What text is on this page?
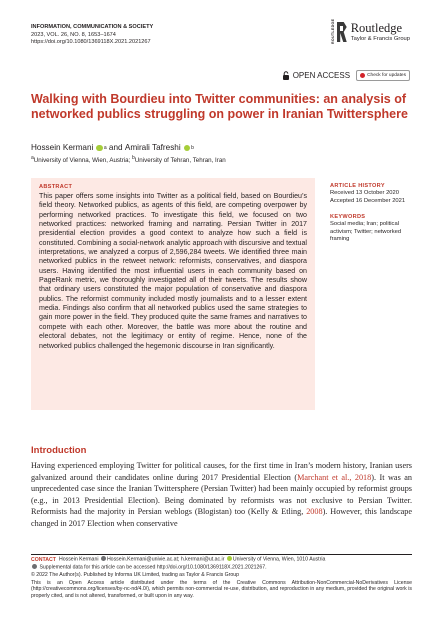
INFORMATION, COMMUNICATION & SOCIETY
2023, VOL. 26, NO. 8, 1653–1674
https://doi.org/10.1080/1369118X.2021.2021267	ROUTLEDGE Routledge
Taylor & Francis Group
OPEN ACCESS	Check for updates
Walking with Bourdieu into Twitter communities: an analysis of networked publics struggling on power in Iranian Twittersphere
Hossein Kermani a
and
Amirali Tafreshi b
$^a$University of Vienna, Wien, Austria; $^b$University of Tehran, Tehran, Iran
ABSTRACT
This paper offers some insights into Twitter as a political field, based on Bourdieu’s field theory. Networked publics, as agents of this field, are competing overpower by performing networked practices. To investigate this field, we focused on two networked practices: networked framing and narrating. Persian Twitter in 2017 presidential election provides a good context to analyze how such a field is constituted. Combining a social-network analytic approach with discursive and textual interpretations, we analyzed a corpus of 2,596,284 tweets. We identified three main networked publics in the retweet network: reformists, conservatives, and diaspora users. Having identified the most influential users in each community based on PageRank metric, we thoroughly investigated all of their tweets. The results show that ordinary users constituted the major population of conservative and diaspora publics. The reformist community included mostly journalists and to a lesser extent media. Findings also confirm that all networked publics used the same strategies to gain more power in the field. They produced quite the same frames and narratives to compete with each other. Moreover, the battle was more about the routine and electoral debates, not the legitimacy or entity of regime. Hence, none of the networked publics challenged the hegemonic discourse in Iran significantly.
ARTICLE HISTORY
Received 13 October 2020
Accepted 16 December 2021
KEYWORDS
Social media; Iran; political activism; Twitter; networked framing
Introduction
Having experienced employing Twitter for political causes, for the first time in Iran’s modern history, Iranian users galvanized around their candidates online during 2017 Presidential Election (Marchant et al., 2018). It was an unprecedented case since the Iranian Twittersphere (Persian Twitter) had been mainly occupied by reformist groups (e.g., in 2013 Presidential Election). Being dominated by reformists was not exclusive to Persian Twitter. Reformists had the majority in Persian weblogs (Blogistan) too (Kelly & Etling, 2008). However, this landscape changed in 2017 Election when conservative

CONTACT Hossein Kermani Hossein.Kermani@univie.ac.at; h.kermani@ut.ac.ir University of Vienna, Wien, 1010 Austria

Supplemental data for this article can be accessed http://doi.org/10.1080/1369118X.2021.2021267.

© 2022 The Author(s). Published by Informa UK Limited, trading as Taylor & Francis Group

This is an Open Access article distributed under the terms of the Creative Commons Attribution-NonCommercial-NoDerivatives License (http://creativecommons.org/licenses/by-nc-nd/4.0/), which permits non-commercial re-use, distribution, and reproduction in any medium, provided the original work is properly cited, and is not altered, transformed, or built upon in any way.
